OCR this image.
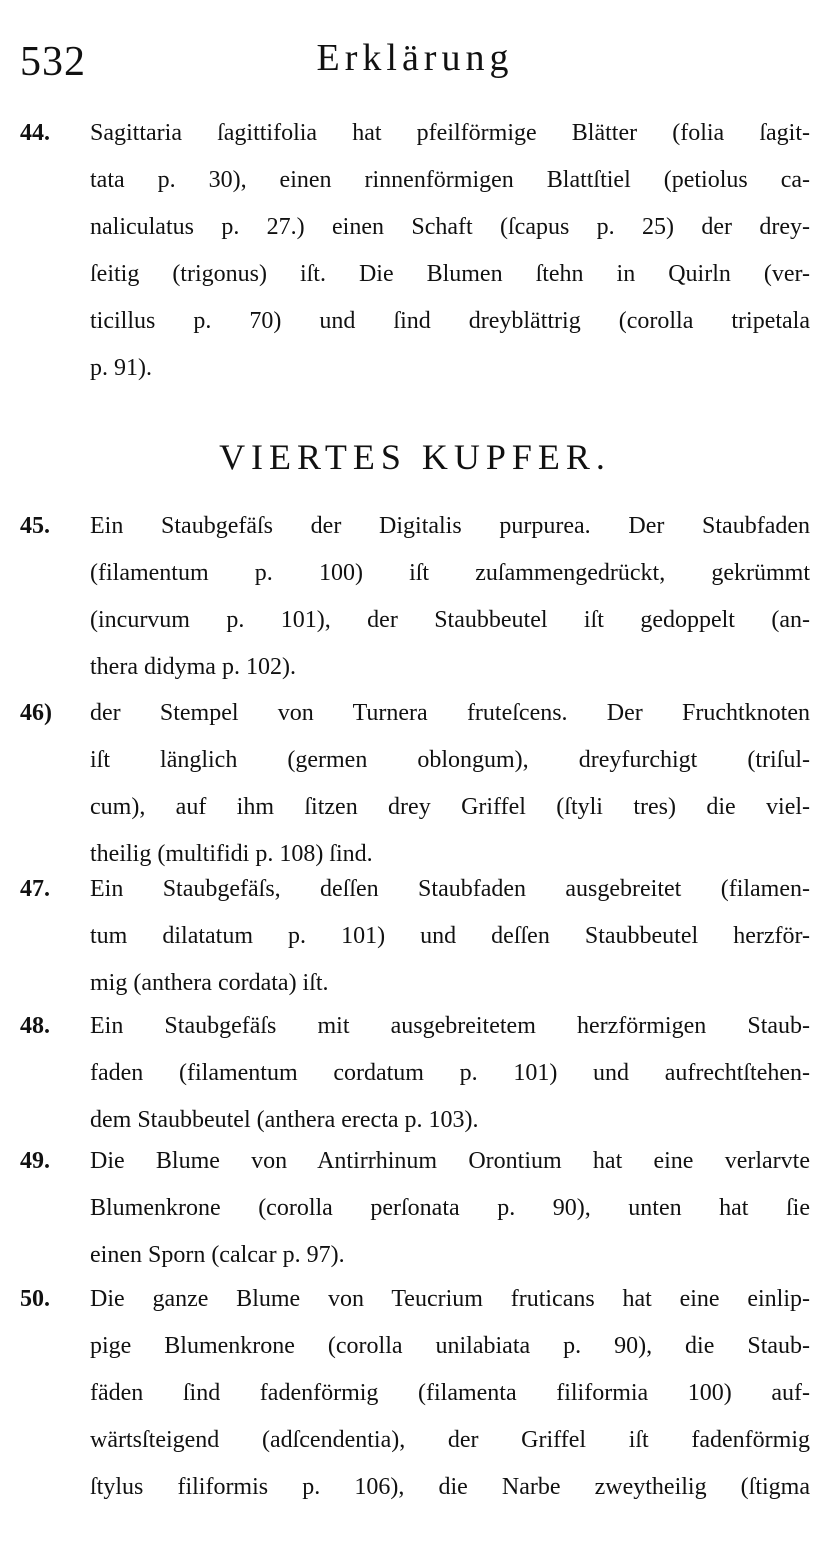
532	Erklärung
44.	Sagittaria ſagittifolia hat pfeilförmige Blätter (folia ſagit-
tata p. 30), einen rinnenförmigen Blattſtiel (petiolus ca-
naliculatus p. 27.) einen Schaft (ſcapus p. 25) der drey-
ſeitig (trigonus) iſt. Die Blumen ſtehn in Quirln (ver-
ticillus p. 70) und ſind dreyblättrig (corolla tripetala
p. 91).
VIERTES KUPFER.
45.	Ein Staubgefäſs der Digitalis purpurea. Der Staubfaden
(filamentum p. 100) iſt zuſammengedrückt, gekrümmt
(incurvum p. 101), der Staubbeutel iſt gedoppelt (an-
thera didyma p. 102).
46)	der Stempel von Turnera fruteſcens. Der Fruchtknoten
iſt länglich (germen oblongum), dreyfurchigt (triſul-
cum), auf ihm ſitzen drey Griffel (ſtyli tres) die viel-
theilig (multifidi p. 108) ſind.
47.	Ein Staubgefäſs, deſſen Staubfaden ausgebreitet (filamen-
tum dilatatum p. 101) und deſſen Staubbeutel herzför-
mig (anthera cordata) iſt.
48.	Ein Staubgefäſs mit ausgebreitetem herzförmigen Staub-
faden (filamentum cordatum p. 101) und aufrechtſtehen-
dem Staubbeutel (anthera erecta p. 103).
49.	Die Blume von Antirrhinum Orontium hat eine verlarvte
Blumenkrone (corolla perſonata p. 90), unten hat ſie
einen Sporn (calcar p. 97).
50.	Die ganze Blume von Teucrium fruticans hat eine einlip-
pige Blumenkrone (corolla unilabiata p. 90), die Staub-
fäden ſind fadenförmig (filamenta filiformia 100) auf-
wärtsſteigend (adſcendentia), der Griffel iſt fadenförmig
ſtylus filiformis p. 106), die Narbe zweytheilig (ſtigma
